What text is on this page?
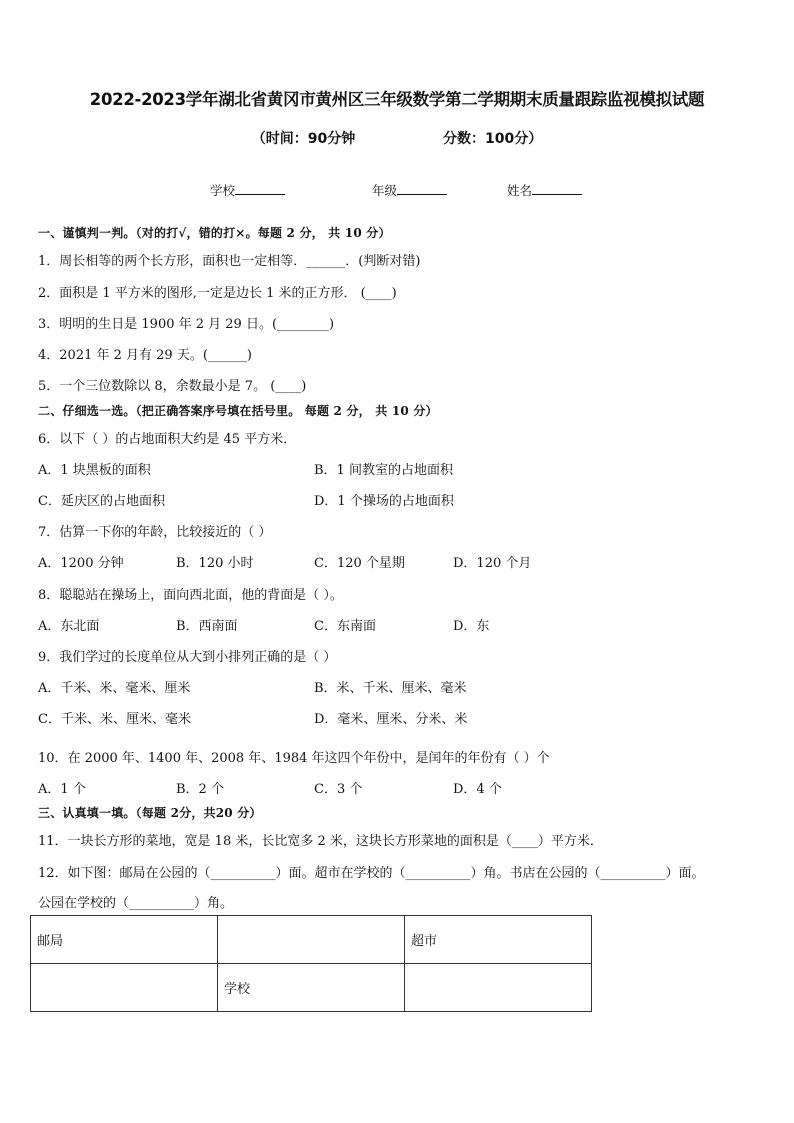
2022-2023学年湖北省黄冈市黄州区三年级数学第二学期期末质量跟踪监视模拟试题
（时间：90分钟                  分数：100分）
学校	年级	姓名
一、谨慎判一判。（对的打√，错的打×。每题 2 分， 共 10 分）
1．周长相等的两个长方形，面积也一定相等．______．(判断对错)
2．面积是 1 平方米的图形,一定是边长 1 米的正方形． (____)
3．明明的生日是 1900 年 2 月 29 日。(________)
4．2021 年 2 月有 29 天。(______)
5．一个三位数除以 8，余数最小是 7。 (____)
二、仔细选一选。（把正确答案序号填在括号里。 每题 2 分， 共 10 分）
6．以下（ ）的占地面积大约是 45 平方米．
A．1 块黑板的面积	B．1 间教室的占地面积
C．延庆区的占地面积	D．1 个操场的占地面积
7．估算一下你的年龄，比较接近的（ ）
A．1200 分钟	B．120 小时	C．120 个星期	D．120 个月
8．聪聪站在操场上，面向西北面，他的背面是（ ）。
A．东北面	B．西南面	C．东南面	D．东
9．我们学过的长度单位从大到小排列正确的是（ ）
A．千米、米、毫米、厘米	B．米、千米、厘米、毫米
C．千米、米、厘米、毫米	D．毫米、厘米、分米、米
10．在 2000 年、1400 年、2008 年、1984 年这四个年份中，是闰年的年份有（ ）个
A．1 个	B．2 个	C．3 个	D．4 个
三、认真填一填。（每题 2分，共20 分）
11．一块长方形的菜地，宽是 18 米，长比宽多 2 米，这块长方形菜地的面积是（____）平方米．
12．如下图：邮局在公园的（__________）面。超市在学校的（__________）角。书店在公园的（__________）面。
公园在学校的（__________）角。
邮局		超市
	学校	
